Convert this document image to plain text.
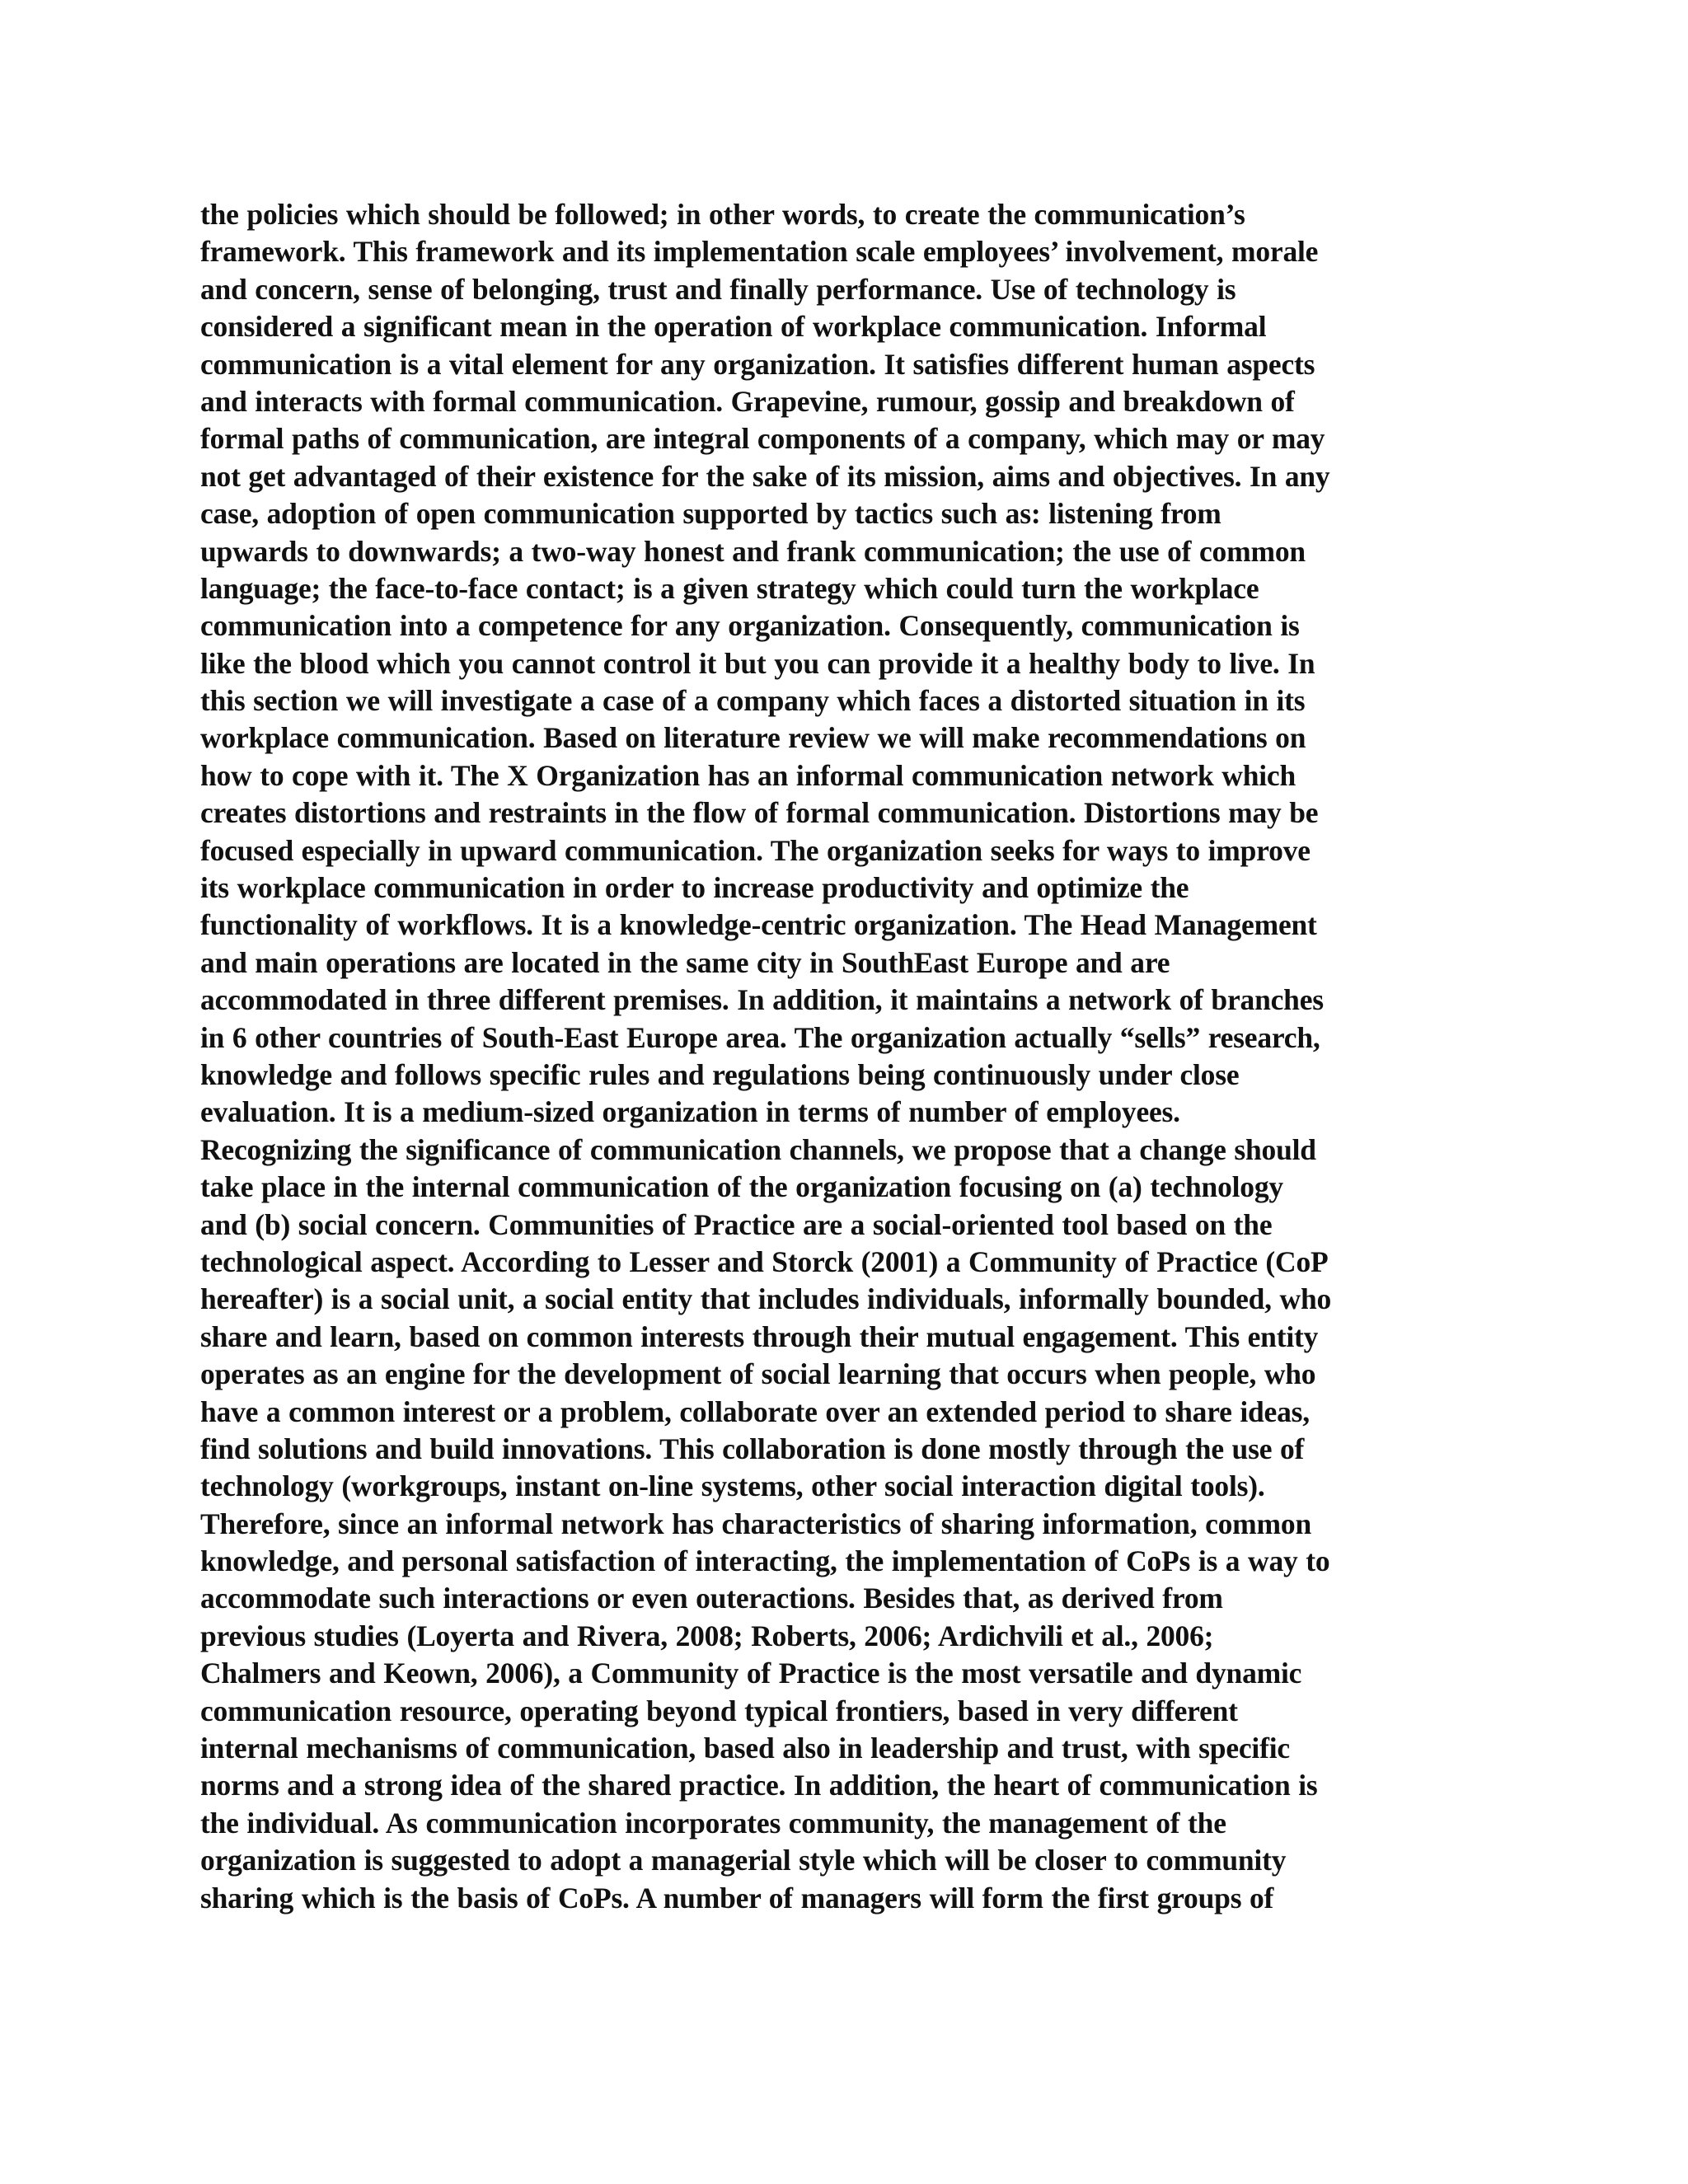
the policies which should be followed; in other words, to create the communication’s
framework. This framework and its implementation scale employees’ involvement, morale
and concern, sense of belonging, trust and finally performance. Use of technology is
considered a significant mean in the operation of workplace communication. Informal
communication is a vital element for any organization. It satisfies different human aspects
and interacts with formal communication. Grapevine, rumour, gossip and breakdown of
formal paths of communication, are integral components of a company, which may or may
not get advantaged of their existence for the sake of its mission, aims and objectives. In any
case, adoption of open communication supported by tactics such as: listening from
upwards to downwards; a two-way honest and frank communication; the use of common
language; the face-to-face contact; is a given strategy which could turn the workplace
communication into a competence for any organization. Consequently, communication is
like the blood which you cannot control it but you can provide it a healthy body to live. In
this section we will investigate a case of a company which faces a distorted situation in its
workplace communication. Based on literature review we will make recommendations on
how to cope with it. The X Organization has an informal communication network which
creates distortions and restraints in the flow of formal communication. Distortions may be
focused especially in upward communication. The organization seeks for ways to improve
its workplace communication in order to increase productivity and optimize the
functionality of workflows. It is a knowledge-centric organization. The Head Management
and main operations are located in the same city in SouthEast Europe and are
accommodated in three different premises. In addition, it maintains a network of branches
in 6 other countries of South-East Europe area. The organization actually “sells” research,
knowledge and follows specific rules and regulations being continuously under close
evaluation. It is a medium-sized organization in terms of number of employees.
Recognizing the significance of communication channels, we propose that a change should
take place in the internal communication of the organization focusing on (a) technology
and (b) social concern. Communities of Practice are a social-oriented tool based on the
technological aspect. According to Lesser and Storck (2001) a Community of Practice (CoP
hereafter) is a social unit, a social entity that includes individuals, informally bounded, who
share and learn, based on common interests through their mutual engagement. This entity
operates as an engine for the development of social learning that occurs when people, who
have a common interest or a problem, collaborate over an extended period to share ideas,
find solutions and build innovations. This collaboration is done mostly through the use of
technology (workgroups, instant on-line systems, other social interaction digital tools).
Therefore, since an informal network has characteristics of sharing information, common
knowledge, and personal satisfaction of interacting, the implementation of CoPs is a way to
accommodate such interactions or even outeractions. Besides that, as derived from
previous studies (Loyerta and Rivera, 2008; Roberts, 2006; Ardichvili et al., 2006;
Chalmers and Keown, 2006), a Community of Practice is the most versatile and dynamic
communication resource, operating beyond typical frontiers, based in very different
internal mechanisms of communication, based also in leadership and trust, with specific
norms and a strong idea of the shared practice. In addition, the heart of communication is
the individual. As communication incorporates community, the management of the
organization is suggested to adopt a managerial style which will be closer to community
sharing which is the basis of CoPs. A number of managers will form the first groups of
